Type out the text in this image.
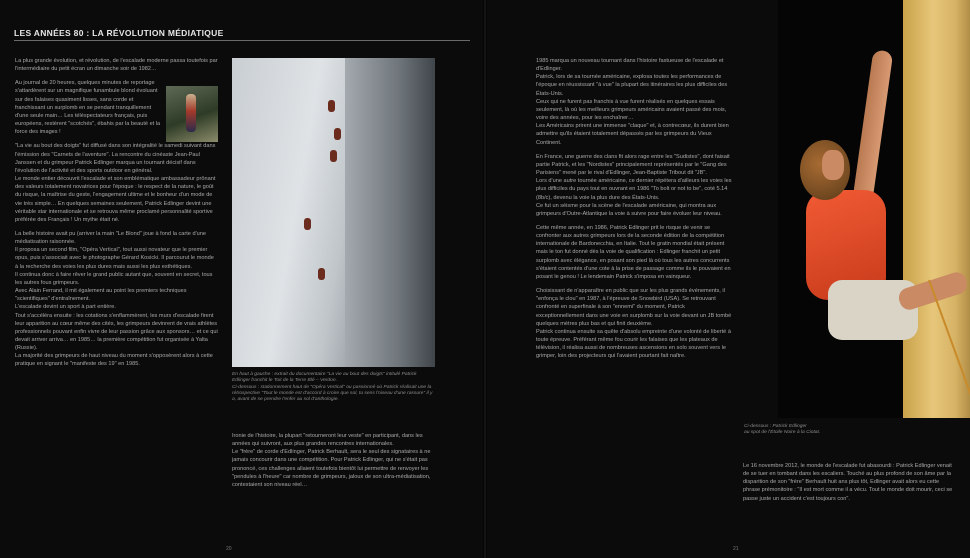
LES ANNÉES 80 : LA RÉVOLUTION MÉDIATIQUE

La plus grande évolution, et révolution, de l'escalade moderne passa toutefois par l'intermédiaire du petit écran un dimanche soir de 1982…

Au journal de 20 heures, quelques minutes de reportage s'attardèrent sur un magnifique funambule blond évoluant sur des falaises quasiment lisses, sans corde et franchissant un surplomb en se pendant tranquillement d'une seule main… Les téléspectateurs français, puis européens, restèrent "scotchés", ébahis par la beauté et la force des images !

"La vie au bout des doigts" fut diffusé dans son intégralité le samedi suivant dans l'émission des "Carnets de l'aventure". La rencontre du cinéaste Jean-Paul Janssen et du grimpeur Patrick Edlinger marqua un tournant décisif dans l'évolution de l'activité et des sports outdoor en général.
Le monde entier découvrit l'escalade et son emblématique ambassadeur prônant des valeurs totalement novatrices pour l'époque : le respect de la nature, le goût du risque, la maîtrise du geste, l'engagement ultime et le bonheur d'un mode de vie très simple… En quelques semaines seulement, Patrick Edlinger devint une véritable star internationale et se retrouva même proclamé personnalité sportive préférée des Français ! Un mythe était né.

La belle histoire avait pu (arriver la main "Le Blond" joue à fond la carte d'une médiatisation raisonnée.
Il proposa un second film, "Opéra Vertical", tout aussi novateur que le premier opus, puis s'associait avec le photographe Gérard Kosicki. Il parcourut le monde à la recherche des voies les plus dures mais aussi les plus esthétiques.
Il continua donc à faire rêver le grand public autant que, souvent en secret, tous les autres fous grimpeurs.
Avec Alain Ferrand, il mit également au point les premiers techniques "scientifiques" d'entraînement.
L'escalade devint un sport à part entière.
Tout s'accéléra ensuite : les cotations s'enflammèrent, les murs d'escalade firent leur apparition au cœur même des cités, les grimpeurs devinrent de vrais athlètes professionnels pouvant enfin vivre de leur passion grâce aux sponsors… et ce qui devait arriver arriva… en 1985… la première compétition fut organisée à Yalta (Russie).
La majorité des grimpeurs de haut niveau du moment s'opposèrent alors à cette pratique en signant le "manifeste des 19" en 1985.

En haut à gauche : extrait du documentaire "La vie au bout des doigts" intitulé Patrick Edlinger franchit le Toit de la Terre Blé – Verdon.
Ci-dessous : stationnement haut de "Opéra Vertical" ou passionné où Patrick réalisait une la rétrospective "Tout le monde est d'accord à croire que sol, tu sens l'oiseau d'une rassure" il y a, avant de se prendre l'enfer au sol d'anthologie.

Ironie de l'histoire, la plupart "retourneront leur veste" en participant, dans les années qui suivront, aux plus grandes rencontres internationales.
Le "frère" de corde d'Edlinger, Patrick Berhault, sera le seul des signataires à ne jamais concourir dans une compétition. Pour Patrick Edlinger, qui ne s'était pas prononcé, ces challenges allaient toutefois bientôt lui permettre de renvoyer les "pendules à l'heure" car nombre de grimpeurs, jaloux de son ultra-médiatisation, contestaient son niveau réel…

1985 marqua un nouveau tournant dans l'histoire fastueuse de l'escalade et d'Edlinger.
Patrick, lors de sa tournée américaine, explosa toutes les performances de l'époque en réussissant "à vue" la plupart des itinéraires les plus difficiles des États-Unis.
Ceux qui ne furent pas franchis à vue furent réalisés en quelques essais seulement, là où les meilleurs grimpeurs américains avaient passé des mois, voire des années, pour les enchaîner…
Les Américains prirent une immense "claque" et, à contrecœur, ils durent bien admettre qu'ils étaient totalement dépassés par les grimpeurs du Vieux Continent.

En France, une guerre des clans fit alors rage entre les "Sudistes", dont faisait partie Patrick, et les "Nordistes" principalement représentés par le "Gang des Parisiens" mené par le rival d'Edlinger, Jean-Baptiste Tribout dit "JB".
Lors d'une autre tournée américaine, ce dernier répétera d'ailleurs les voies les plus difficiles du pays tout en ouvrant en 1986 "To bolt or not to be", coté 5.14 (8b/c), devenu la voie la plus dure des États-Unis.
Ce fut un séisme pour la scène de l'escalade américaine, qui montra aux grimpeurs d'Outre-Atlantique la voie à suivre pour faire évoluer leur niveau.

Cette même année, en 1986, Patrick Edlinger prit le risque de venir se confronter aux autres grimpeurs lors de la seconde édition de la compétition internationale de Bardonecchia, en Italie. Tout le gratin mondial était présent mais le ton fut donné dès la voie de qualification : Edlinger franchit un petit surplomb avec élégance, en posant son pied là où tous les autres concurrents s'étaient contentés d'une cote à la prise de passage comme ils le pouvaient en posant le genou ! Le lendemain Patrick s'imposa en vainqueur.

Choisissant de n'apparaître en public que sur les plus grands événements, il "enfonça le clou" en 1987, à l'épreuve de Snowbird (USA). Se retrouvant confronté en superfinale à son "ennemi" du moment, Patrick exceptionnellement dans une voie en surplomb sur la voie devant un JB tombé quelques mètres plus bas et qui finit deuxième.
Patrick continua ensuite sa quête d'absolu empreinte d'une volonté de liberté à toute épreuve. Préférant même fou courir les falaises que les plateaux de télévision, il réalisa aussi de nombreuses ascensions en solo souvent vers le grimper, loin des projecteurs qui l'avaient pourtant fait naître.

Ci-dessous : Patrick Edlinger
au spot de l'Étoile Noire à la Ciotat.

Le 16 novembre 2012, le monde de l'escalade fut abasourdi : Patrick Edlinger venait de se tuer en tombant dans les escaliers. Touché au plus profond de son âme par la disparition de son "frère" Berhault huit ans plus tôt, Edlinger avait alors eu cette phrase prémonitoire : "Il est mort comme il a vécu. Tout le monde doit mourir, ceci se passe juste un accident c'est toujours con".

20	21
